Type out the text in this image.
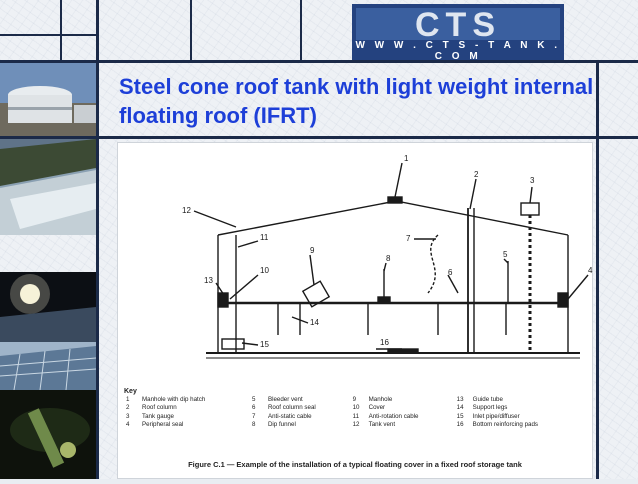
CTS
W W W . C T S - T A N K . C O M
Steel cone roof tank with light weight internal floating roof (IFRT)
1
2
3
4
5
6
7
8
9
10
11
12
13
14
15	16
Key
1	Manhole with dip hatch	5	Bleeder vent	9	Manhole	13	Guide tube
2	Roof column	6	Roof column seal	10	Cover	14	Support legs
3	Tank gauge	7	Anti-static cable	11	Anti-rotation cable	15	Inlet pipe/diffuser
4	Peripheral seal	8	Dip funnel	12	Tank vent	16	Bottom reinforcing pads
Figure C.1 — Example of the installation of a typical floating cover in a fixed roof storage tank
